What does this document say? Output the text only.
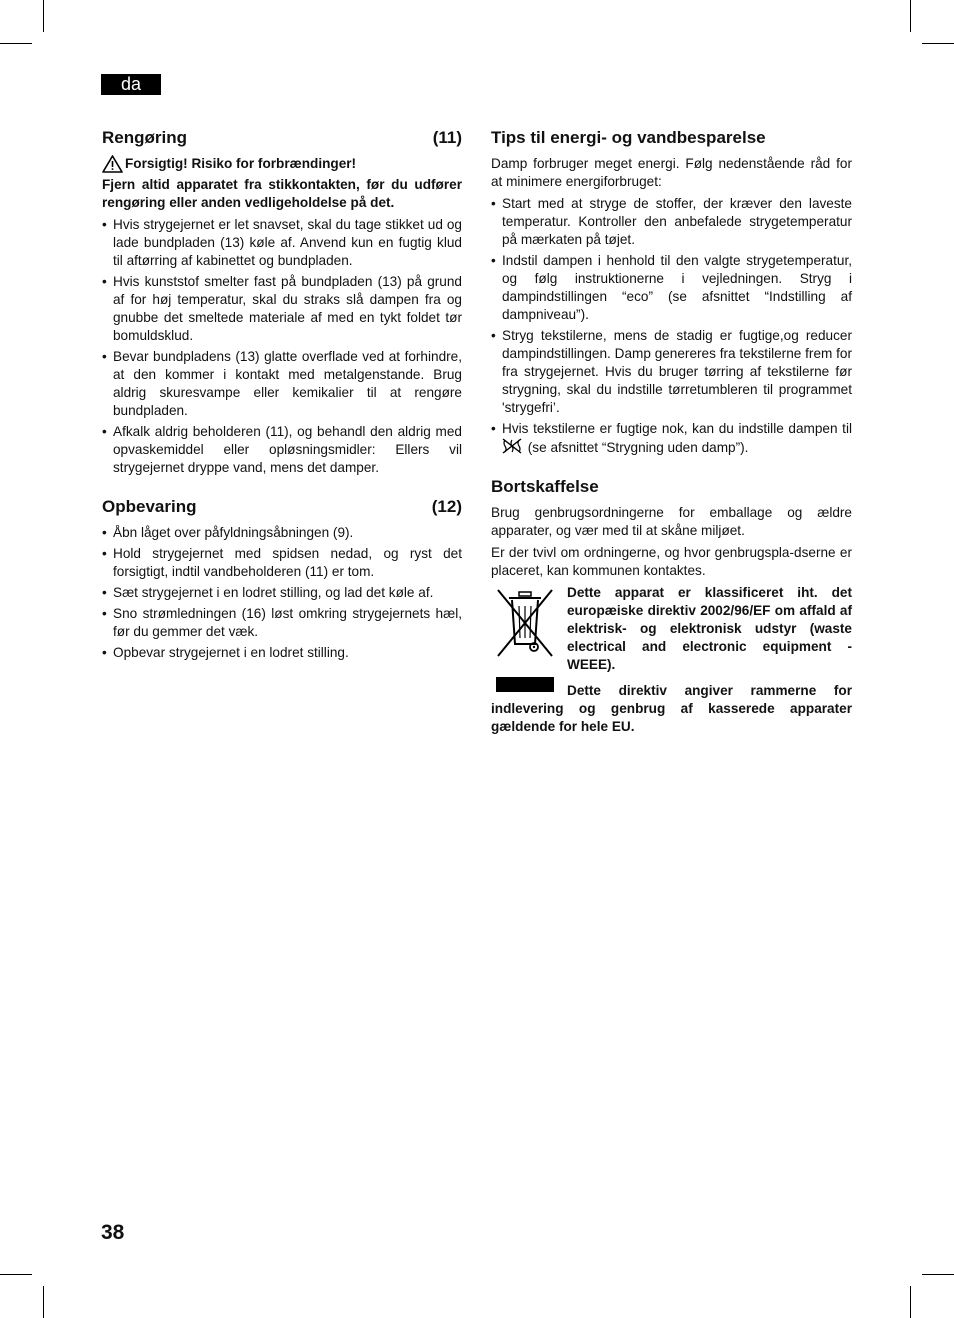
da
Rengøring	(11)
Forsigtig! Risiko for forbrændinger!

Fjern altid apparatet fra stikkontakten, før du udfører rengøring eller anden vedligeholdelse på det.

• Hvis strygejernet er let snavset, skal du tage stikket ud og lade bundpladen (13) køle af. Anvend kun en fugtig klud til aftørring af kabinettet og bundpladen.
• Hvis kunststof smelter fast på bundpladen (13) på grund af for høj temperatur, skal du straks slå dampen fra og gnubbe det smeltede materiale af med en tykt foldet tør bomuldsklud.
• Bevar bundpladens (13) glatte overflade ved at forhindre, at den kommer i kontakt med metalgenstande. Brug aldrig skuresvampe eller kemikalier til at rengøre bundpladen.
• Afkalk aldrig beholderen (11), og behandl den aldrig med opvaskemiddel eller opløsningsmidler: Ellers vil strygejernet dryppe vand, mens det damper.
Opbevaring	(12)
• Åbn låget over påfyldningsåbningen (9).
• Hold strygejernet med spidsen nedad, og ryst det forsigtigt, indtil vandbeholderen (11) er tom.
• Sæt strygejernet i en lodret stilling, og lad det køle af.
• Sno strømledningen (16) løst omkring strygejernets hæl, før du gemmer det væk.
• Opbevar strygejernet i en lodret stilling.
Tips til energi- og vandbesparelse

Damp forbruger meget energi. Følg nedenstående råd for at minimere energiforbruget:

• Start med at stryge de stoffer, der kræver den laveste temperatur. Kontroller den anbefalede strygetemperatur på mærkaten på tøjet.
• Indstil dampen i henhold til den valgte strygetemperatur, og følg instruktionerne i vejledningen. Stryg i dampindstillingen “eco” (se afsnittet “Indstilling af dampniveau”).
• Stryg tekstilerne, mens de stadig er fugtige,og reducer dampindstillingen. Damp genereres fra tekstilerne frem for fra strygejernet. Hvis du bruger tørring af tekstilerne før strygning, skal du indstille tørretumbleren til programmet 'strygefri’.
• Hvis tekstilerne er fugtige nok, kan du indstille dampen til  (se afsnittet “Strygning uden damp”).
Bortskaffelse

Brug genbrugsordningerne for emballage og ældre apparater, og vær med til at skåne miljøet.

Er der tvivl om ordningerne, og hvor genbrugspla-dserne er placeret, kan kommunen kontaktes.

Dette apparat er klassificeret iht. det europæiske direktiv 2002/96/EF om affald af elektrisk- og elektronisk udstyr (waste electrical and electronic equipment - WEEE).

Dette direktiv angiver rammerne for indlevering og genbrug af kasserede apparater gældende for hele EU.

38
